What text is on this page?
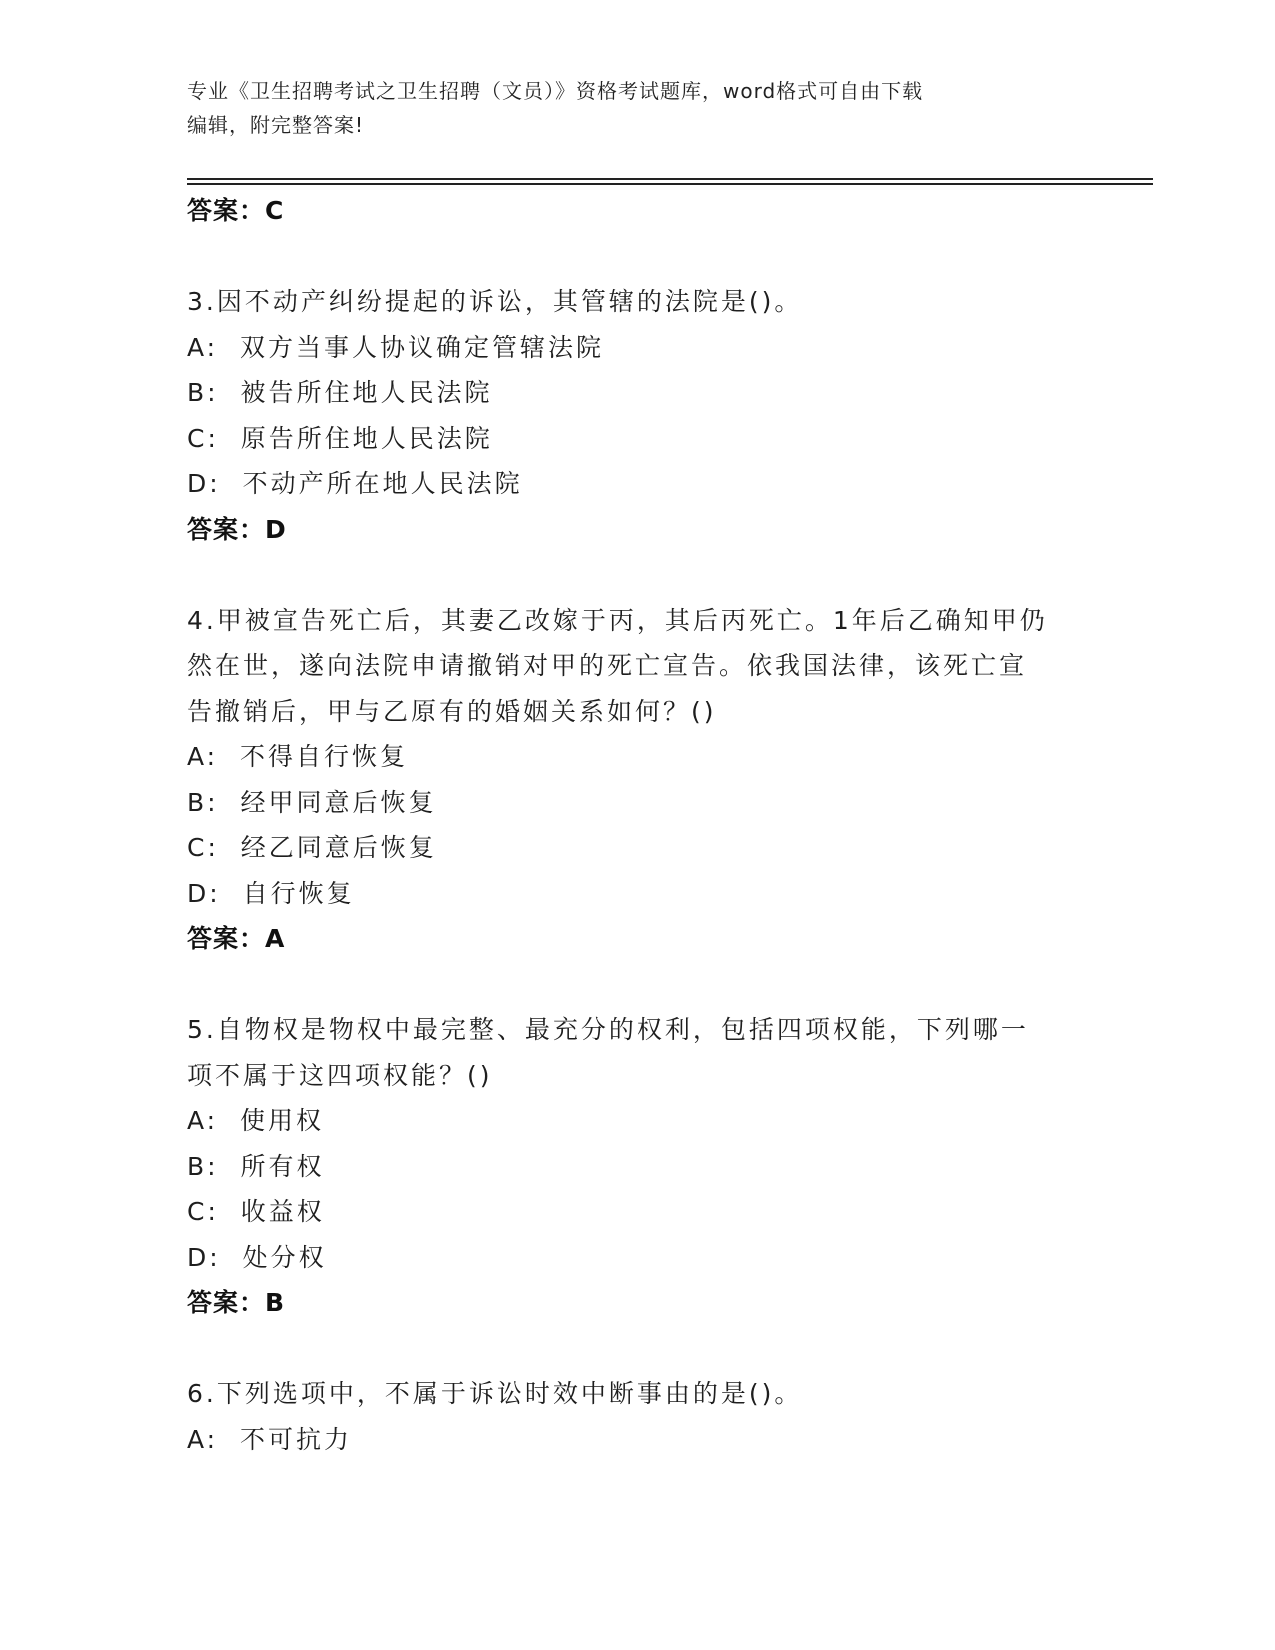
专业《卫生招聘考试之卫生招聘（文员）》资格考试题库，word格式可自由下载
编辑，附完整答案!
答案：C
3.因不动产纠纷提起的诉讼，其管辖的法院是()。
A:  双方当事人协议确定管辖法院
B:  被告所住地人民法院
C:  原告所住地人民法院
D:  不动产所在地人民法院
答案：D
4.甲被宣告死亡后，其妻乙改嫁于丙，其后丙死亡。1年后乙确知甲仍
然在世，遂向法院申请撤销对甲的死亡宣告。依我国法律，该死亡宣
告撤销后，甲与乙原有的婚姻关系如何？()
A:  不得自行恢复
B:  经甲同意后恢复
C:  经乙同意后恢复
D:  自行恢复
答案：A
5.自物权是物权中最完整、最充分的权利，包括四项权能，下列哪一
项不属于这四项权能？()
A:  使用权
B:  所有权
C:  收益权
D:  处分权
答案：B
6.下列选项中，不属于诉讼时效中断事由的是()。
A:  不可抗力
